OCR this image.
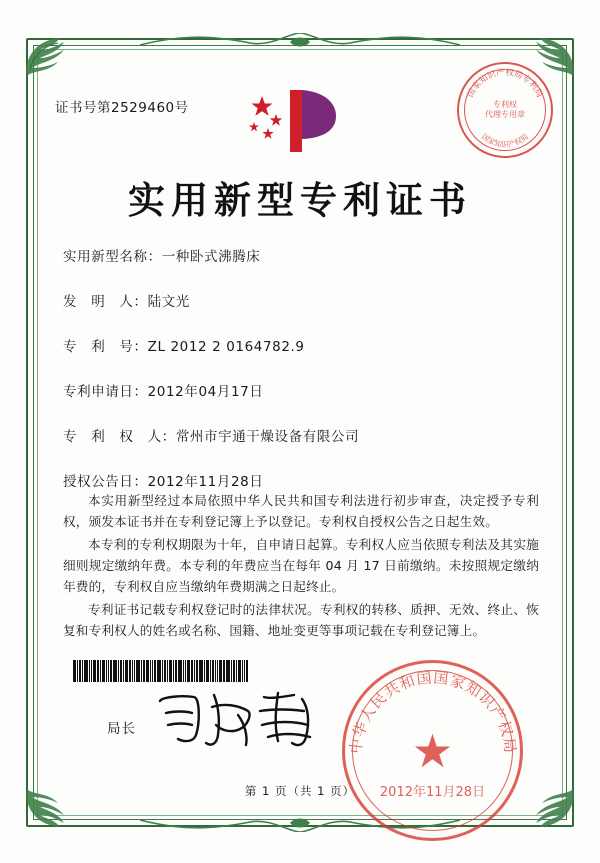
证书号第2529460号
国家知识产权局专利局
专利权
代理专用章
国家知识产权局
实用新型专利证书
实用新型名称：一种卧式沸腾床
发　明　人：陆文光
专　利　号：ZL 2012 2 0164782.9
专利申请日：2012年04月17日
专　利　权　人：常州市宇通干燥设备有限公司
授权公告日：2012年11月28日

本实用新型经过本局依照中华人民共和国专利法进行初步审查，决定授予专利权，颁发本证书并在专利登记簿上予以登记。专利权自授权公告之日起生效。

本专利的专利权期限为十年，自申请日起算。专利权人应当依照专利法及其实施细则规定缴纳年费。本专利的年费应当在每年 04 月 17 日前缴纳。未按照规定缴纳年费的，专利权自应当缴纳年费期满之日起终止。

专利证书记载专利权登记时的法律状况。专利权的转移、质押、无效、终止、恢复和专利权人的姓名或名称、国籍、地址变更等事项记载在专利登记簿上。

局长
中华人民共和国国家知识产权局
★
2012年11月28日
第 1 页（共 1 页）
